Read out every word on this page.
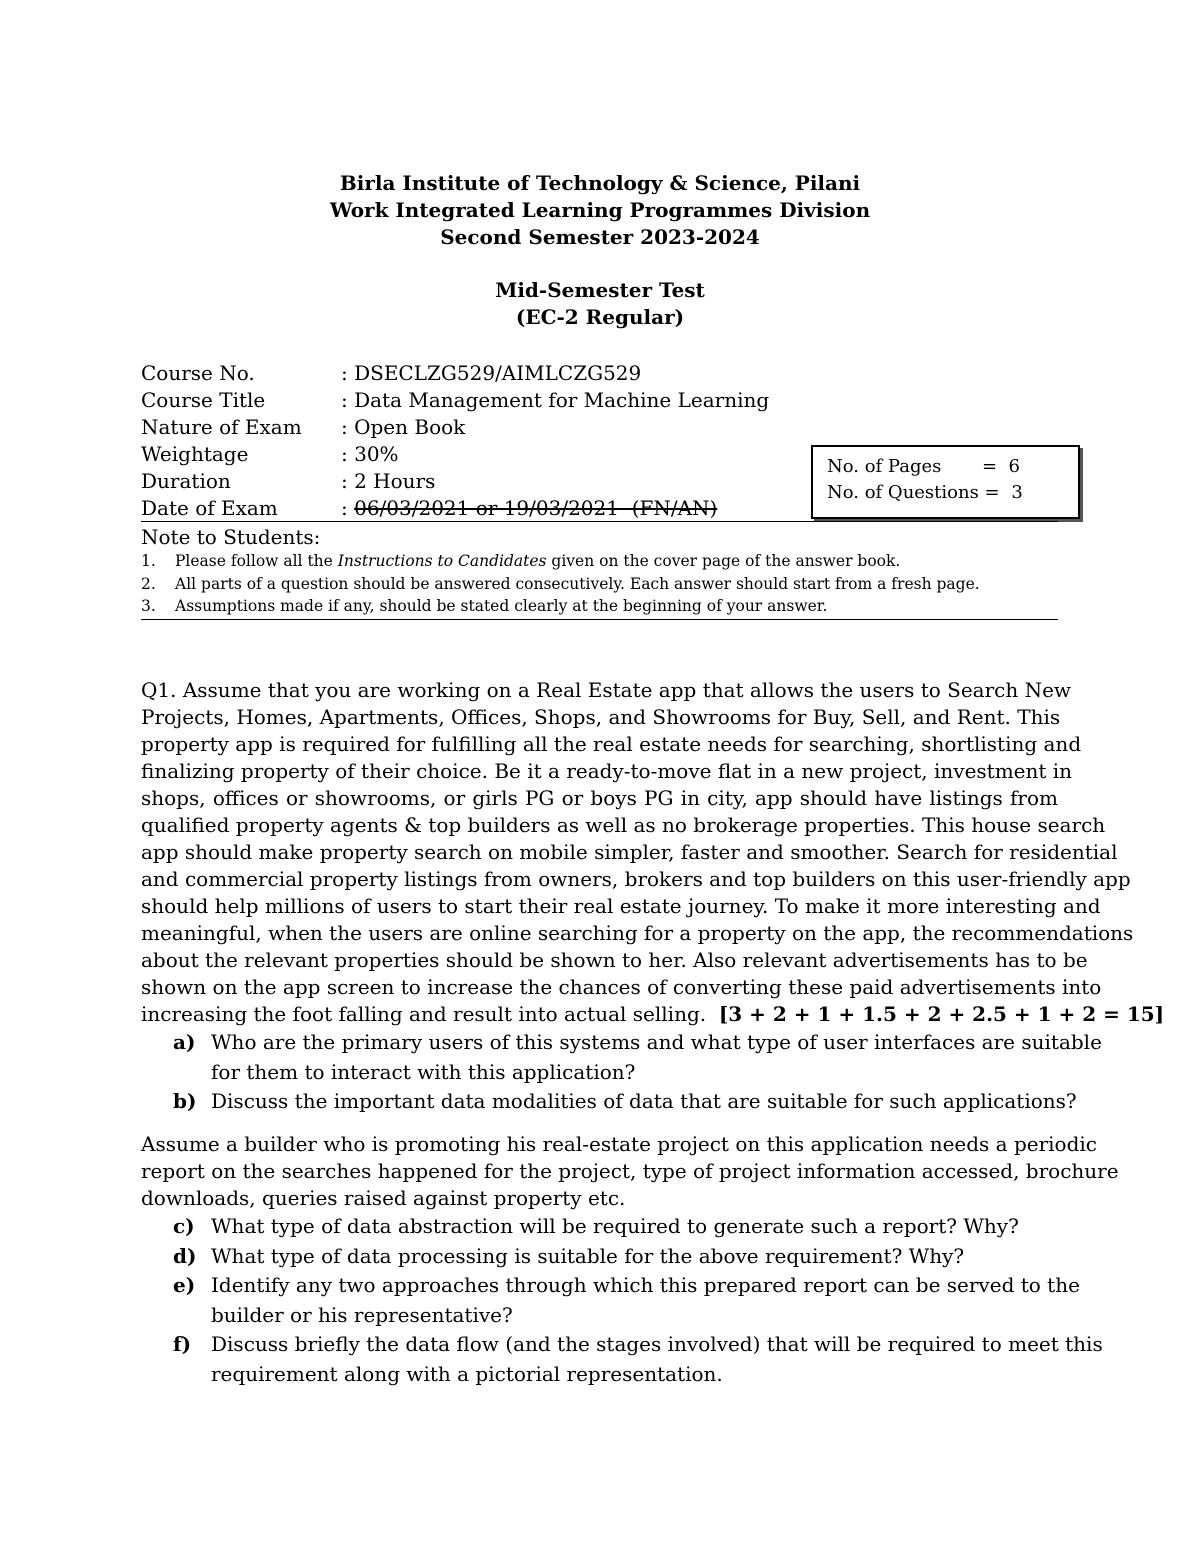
Birla Institute of Technology & Science, Pilani
Work Integrated Learning Programmes Division
Second Semester 2023-2024
Mid-Semester Test
(EC-2 Regular)
Course No.	: DSECLZG529/AIMLCZG529
Course Title	: Data Management for Machine Learning
Nature of Exam	: Open Book
Weightage	: 30%
Duration	: 2 Hours
Date of Exam	: 06/03/2021 or 19/03/2021  (FN/AN)
No. of Pages =  6
No. of Questions = 3
Note to Students:
1.	Please follow all the Instructions to Candidates given on the cover page of the answer book.
2.	All parts of a question should be answered consecutively. Each answer should start from a fresh page.
3.	Assumptions made if any, should be stated clearly at the beginning of your answer.
Q1. Assume that you are working on a Real Estate app that allows the users to Search New
Projects, Homes, Apartments, Offices, Shops, and Showrooms for Buy, Sell, and Rent. This
property app is required for fulfilling all the real estate needs for searching, shortlisting and
finalizing property of their choice. Be it a ready-to-move flat in a new project, investment in
shops, offices or showrooms, or girls PG or boys PG in city, app should have listings from
qualified property agents & top builders as well as no brokerage properties. This house search
app should make property search on mobile simpler, faster and smoother. Search for residential
and commercial property listings from owners, brokers and top builders on this user-friendly app
should help millions of users to start their real estate journey. To make it more interesting and
meaningful, when the users are online searching for a property on the app, the recommendations
about the relevant properties should be shown to her. Also relevant advertisements has to be
shown on the app screen to increase the chances of converting these paid advertisements into
increasing the foot falling and result into actual selling. [3 + 2 + 1 + 1.5 + 2 + 2.5 + 1 + 2 = 15]
a) Who are the primary users of this systems and what type of user interfaces are suitable
for them to interact with this application?
b) Discuss the important data modalities of data that are suitable for such applications?
Assume a builder who is promoting his real-estate project on this application needs a periodic
report on the searches happened for the project, type of project information accessed, brochure
downloads, queries raised against property etc.
c) What type of data abstraction will be required to generate such a report? Why?
d) What type of data processing is suitable for the above requirement? Why?
e) Identify any two approaches through which this prepared report can be served to the
builder or his representative?
f) Discuss briefly the data flow (and the stages involved) that will be required to meet this
requirement along with a pictorial representation.
